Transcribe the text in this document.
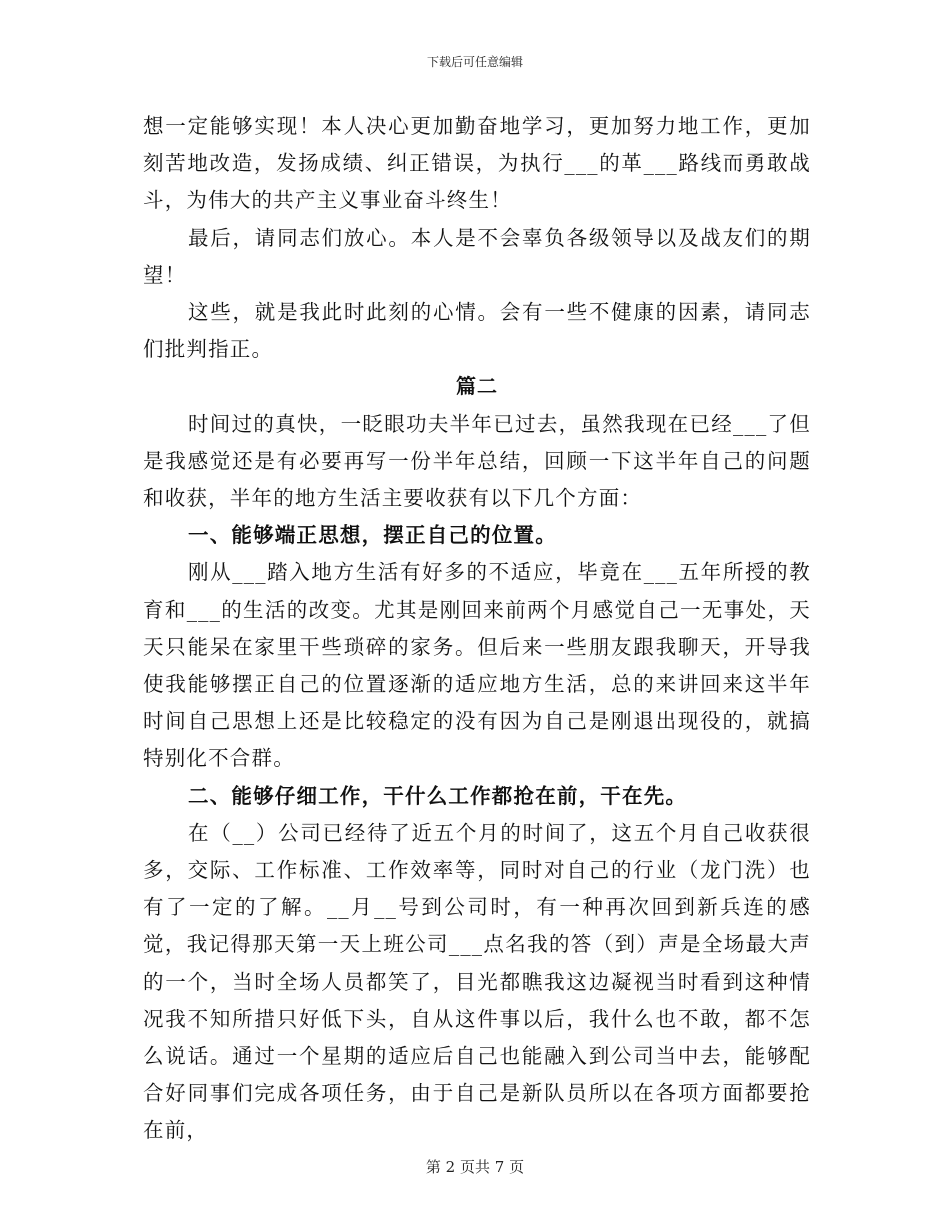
下载后可任意编辑

想一定能够实现！本人决心更加勤奋地学习，更加努力地工作，更加刻苦地改造，发扬成绩、纠正错误，为执行___的革___路线而勇敢战斗，为伟大的共产主义事业奋斗终生！

最后，请同志们放心。本人是不会辜负各级领导以及战友们的期望！

这些，就是我此时此刻的心情。会有一些不健康的因素，请同志们批判指正。

篇二

时间过的真快，一眨眼功夫半年已过去，虽然我现在已经___了但是我感觉还是有必要再写一份半年总结，回顾一下这半年自己的问题和收获，半年的地方生活主要收获有以下几个方面：

一、能够端正思想，摆正自己的位置。

刚从___踏入地方生活有好多的不适应，毕竟在___五年所授的教育和___的生活的改变。尤其是刚回来前两个月感觉自己一无事处，天天只能呆在家里干些琐碎的家务。但后来一些朋友跟我聊天，开导我使我能够摆正自己的位置逐渐的适应地方生活，总的来讲回来这半年时间自己思想上还是比较稳定的没有因为自己是刚退出现役的，就搞特别化不合群。

二、能够仔细工作，干什么工作都抢在前，干在先。

在（__）公司已经待了近五个月的时间了，这五个月自己收获很多，交际、工作标准、工作效率等，同时对自己的行业（龙门洗）也有了一定的了解。__月__号到公司时，有一种再次回到新兵连的感觉，我记得那天第一天上班公司___点名我的答（到）声是全场最大声的一个，当时全场人员都笑了，目光都瞧我这边凝视当时看到这种情况我不知所措只好低下头，自从这件事以后，我什么也不敢，都不怎么说话。通过一个星期的适应后自己也能融入到公司当中去，能够配合好同事们完成各项任务，由于自己是新队员所以在各项方面都要抢在前，

第 2 页共 7 页
